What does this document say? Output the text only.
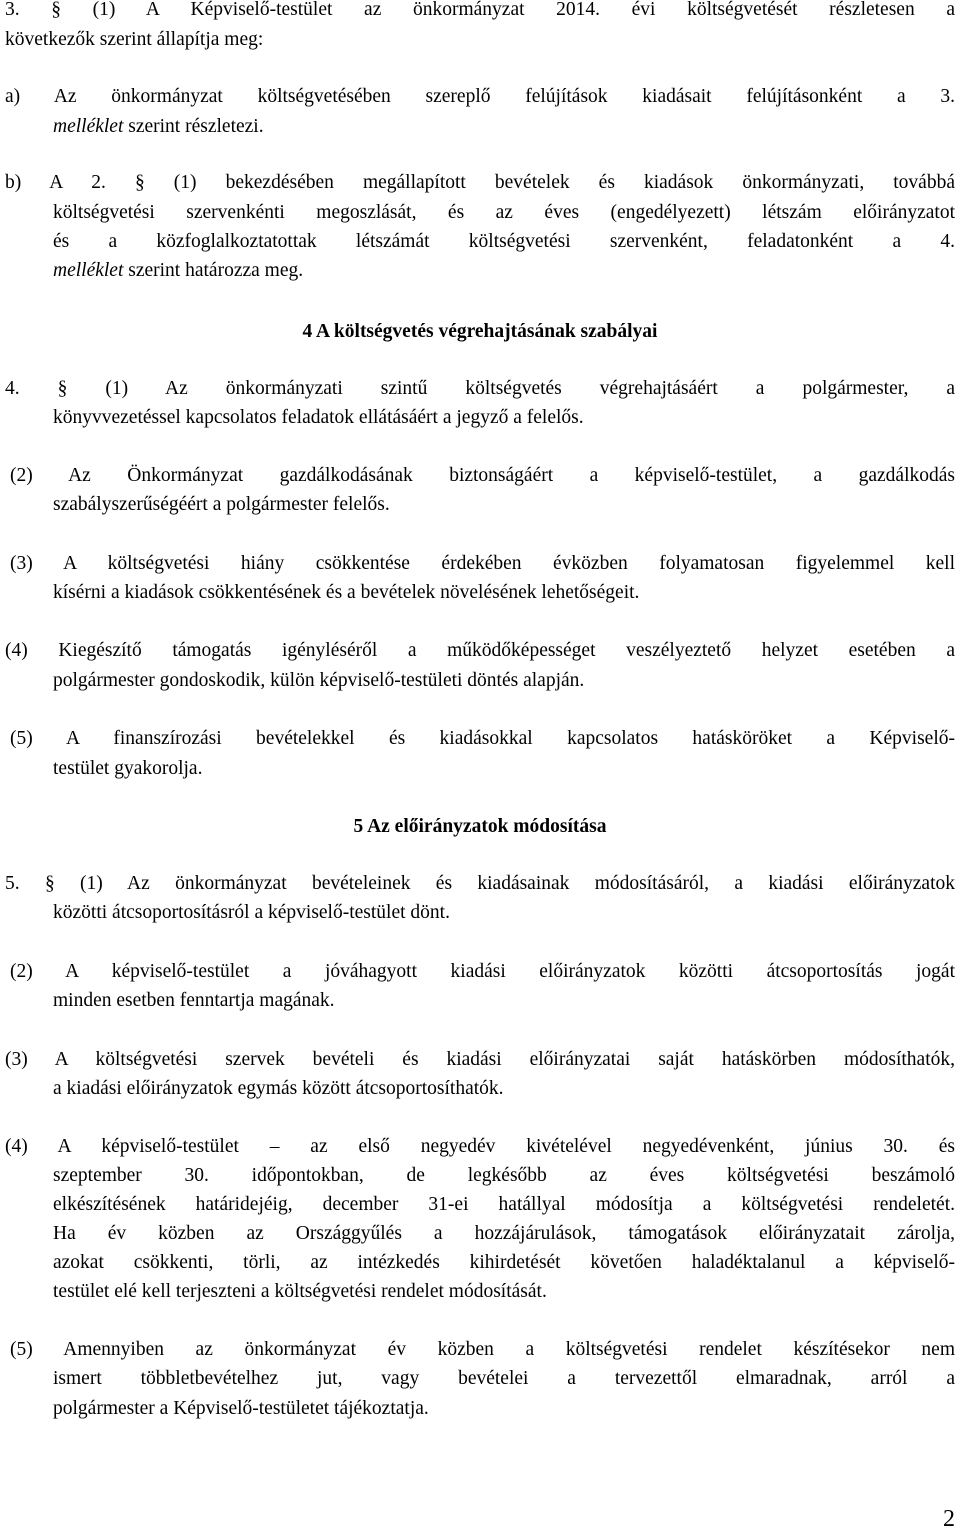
3. § (1) A Képviselő-testület az önkormányzat 2014. évi költségvetését részletesen a
következők szerint állapítja meg:
a) Az önkormányzat költségvetésében szereplő felújítások kiadásait felújításonként a 3.
melléklet szerint részletezi.
b) A 2. § (1) bekezdésében megállapított bevételek és kiadások önkormányzati, továbbá
költségvetési szervenkénti megoszlását, és az éves (engedélyezett) létszám előirányzatot
és a közfoglalkoztatottak létszámát költségvetési szervenként, feladatonként a 4.
melléklet szerint határozza meg.
4 A költségvetés végrehajtásának szabályai
4. § (1) Az önkormányzati szintű költségvetés végrehajtásáért a polgármester, a
könyvvezetéssel kapcsolatos feladatok ellátásáért a jegyző a felelős.
(2) Az Önkormányzat gazdálkodásának biztonságáért a képviselő-testület, a gazdálkodás
szabályszerűségéért a polgármester felelős.
(3) A költségvetési hiány csökkentése érdekében évközben folyamatosan figyelemmel kell
kísérni a kiadások csökkentésének és a bevételek növelésének lehetőségeit.
(4) Kiegészítő támogatás igényléséről a működőképességet veszélyeztető helyzet esetében a
polgármester gondoskodik, külön képviselő-testületi döntés alapján.
(5) A finanszírozási bevételekkel és kiadásokkal kapcsolatos hatásköröket a Képviselő-
testület gyakorolja.
5 Az előirányzatok módosítása
5. § (1) Az önkormányzat bevételeinek és kiadásainak módosításáról, a kiadási előirányzatok
közötti átcsoportosításról a képviselő-testület dönt.
(2) A képviselő-testület a jóváhagyott kiadási előirányzatok közötti átcsoportosítás jogát
minden esetben fenntartja magának.
(3) A költségvetési szervek bevételi és kiadási előirányzatai saját hatáskörben módosíthatók,
a kiadási előirányzatok egymás között átcsoportosíthatók.
(4) A képviselő-testület – az első negyedév kivételével negyedévenként, június 30. és
szeptember 30. időpontokban, de legkésőbb az éves költségvetési beszámoló
elkészítésének határidejéig, december 31-ei hatállyal módosítja a költségvetési rendeletét.
Ha év közben az Országgyűlés a hozzájárulások, támogatások előirányzatait zárolja,
azokat csökkenti, törli, az intézkedés kihirdetését követően haladéktalanul a képviselő-
testület elé kell terjeszteni a költségvetési rendelet módosítását.
(5) Amennyiben az önkormányzat év közben a költségvetési rendelet készítésekor nem
ismert többletbevételhez jut, vagy bevételei a tervezettől elmaradnak, arról a
polgármester a Képviselő-testületet tájékoztatja.
2
